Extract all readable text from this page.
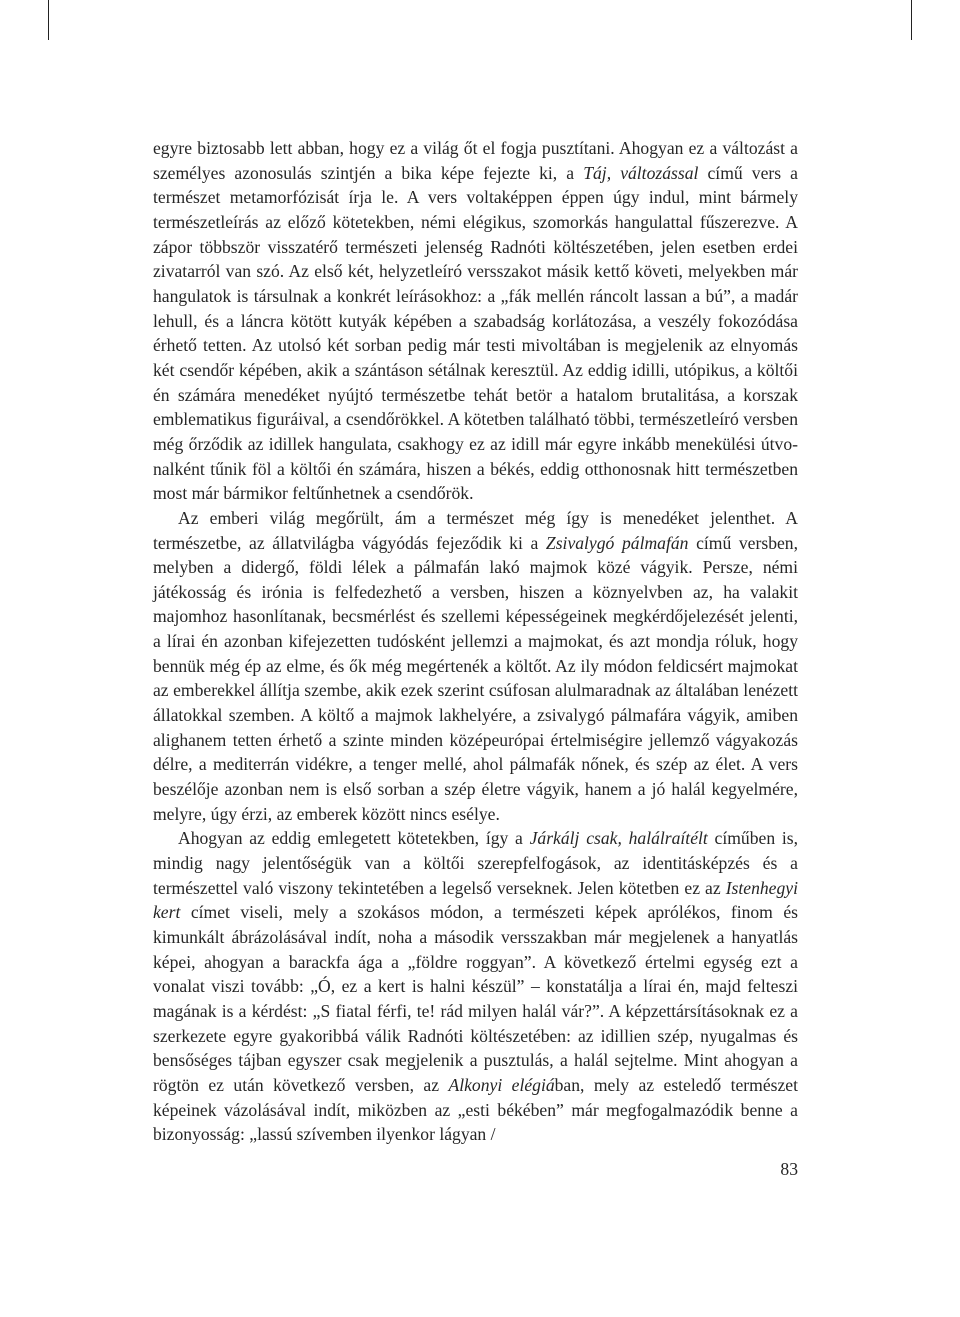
egyre biztosabb lett abban, hogy ez a világ őt el fogja pusztítani. Ahogyan ez a változást a személyes azonosulás szintjén a bika képe fejezte ki, a Táj, változással című vers a természet metamorfózisát írja le. A vers voltaképpen éppen úgy indul, mint bármely természetleírás az előző kötetekben, némi elégikus, szomorkás hangulattal fűszerezve. A zápor többször visszatérő természeti jelenség Radnóti költészetében, jelen esetben erdei zivatarról van szó. Az első két, helyzetleíró versszakot másik kettő követi, melyekben már hangulatok is társulnak a konkrét leírásokhoz: a „fák mellén ráncolt lassan a bú”, a madár lehull, és a láncra kötött kutyák képében a szabadság korlátozása, a veszély fokozódása érhető tetten. Az utolsó két sorban pedig már testi mivoltában is megjelenik az elnyomás két csendőr képében, akik a szántáson sétálnak keresztül. Az eddig idilli, utópikus, a költői én számára menedéket nyújtó természetbe tehát betör a hatalom brutalitása, a korszak emblematikus figuráival, a csendőrökkel. A kötetben található többi, természetleíró versben még őrződik az idillek hangulata, csakhogy ez az idill már egyre inkább menekülési útvonalként tűnik föl a költői én számára, hiszen a békés, eddig otthonosnak hitt természetben most már bármikor feltűnhetnek a csendőrök.

Az emberi világ megőrült, ám a természet még így is menedéket jelenthet. A természetbe, az állatvilágba vágyódás fejeződik ki a Zsivalygó pálmafán című versben, melyben a didergő, földi lélek a pálmafán lakó majmok közé vágyik. Persze, némi játékosság és irónia is felfedezhető a versben, hiszen a köznyelvben az, ha valakit majomhoz hasonlítanak, becsmérlést és szellemi képességeinek megkérdőjelezését jelenti, a lírai én azonban kifejezetten tudósként jellemzi a majmokat, és azt mondja róluk, hogy bennük még ép az elme, és ők még megértenék a költőt. Az ily módon feldicsért majmokat az emberekkel állítja szembe, akik ezek szerint csúfosan alulmaradnak az általában lenézett állatokkal szemben. A költő a majmok lakhelyére, a zsivalygó pálmafára vágyik, amiben alighanem tetten érhető a szinte minden középeurópai értelmiségire jellemző vágyakozás délre, a mediterrán vidékre, a tenger mellé, ahol pálmafák nőnek, és szép az élet. A vers beszélője azonban nem is első sorban a szép életre vágyik, hanem a jó halál kegyelmére, melyre, úgy érzi, az emberek között nincs esélye.

Ahogyan az eddig emlegetett kötetekben, így a Járkálj csak, halálraítélt címűben is, mindig nagy jelentőségük van a költői szerepfelfogások, az identitásképzés és a természettel való viszony tekintetében a legelső verseknek. Jelen kötetben ez az Istenhegyi kert címet viseli, mely a szokásos módon, a természeti képek aprólékos, finom és kimunkált ábrázolásával indít, noha a második versszakban már megjelenek a hanyatlás képei, ahogyan a barackfa ága a „földre roggyan”. A következő értelmi egység ezt a vonalat viszi tovább: „Ó, ez a kert is halni készül” – konstatálja a lírai én, majd felteszi magának is a kérdést: „S fiatal férfi, te! rád milyen halál vár?”. A képzettársításoknak ez a szerkezete egyre gyakoribbá válik Radnóti költészetében: az idillien szép, nyugalmas és bensőséges tájban egyszer csak megjelenik a pusztulás, a halál sejtelme. Mint ahogyan a rögtön ez után következő versben, az Alkonyi elégiában, mely az esteledő természet képeinek vázolásával indít, miközben az „esti békében” már megfogalmazódik benne a bizonyosság: „lassú szívemben ilyenkor lágyan /

83
